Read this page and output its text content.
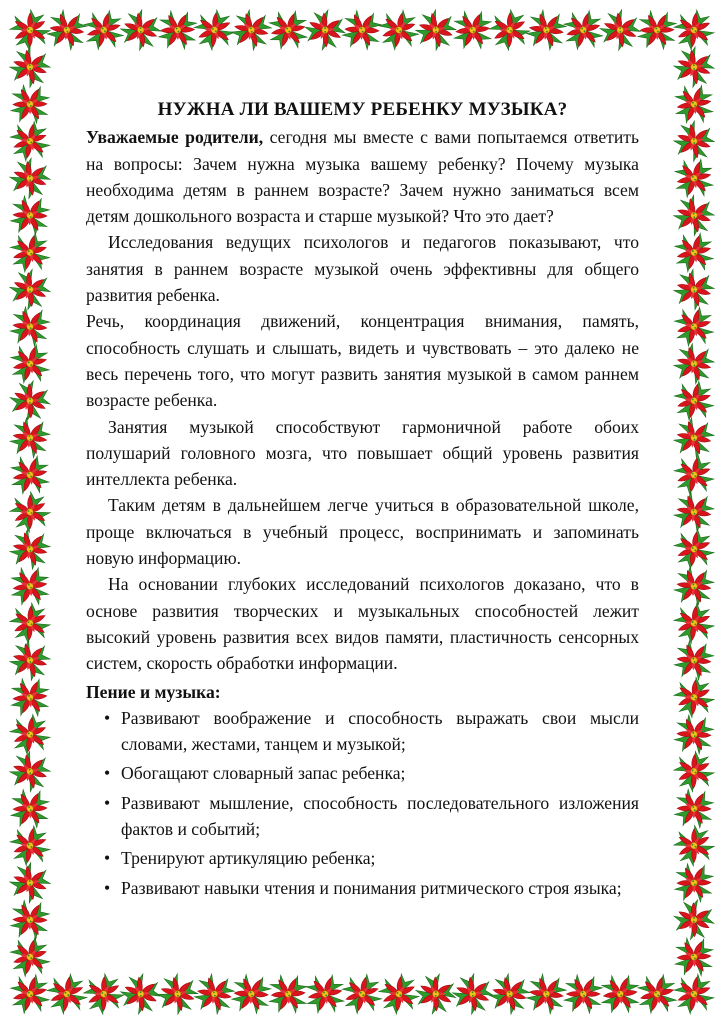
НУЖНА ЛИ ВАШЕМУ РЕБЕНКУ МУЗЫКА?

Уважаемые родители, сегодня мы вместе с вами попытаемся ответить на вопросы: Зачем нужна музыка вашему ребенку? Почему музыка необходима детям в раннем возрасте? Зачем нужно заниматься всем детям дошкольного возраста и старше музыкой? Что это дает?

Исследования ведущих психологов и педагогов показывают, что занятия в раннем возрасте музыкой очень эффективны для общего развития ребенка.

Речь, координация движений, концентрация внимания, память, способность слушать и слышать, видеть и чувствовать – это далеко не весь перечень того, что могут развить занятия музыкой в самом раннем возрасте ребенка.

Занятия музыкой способствуют гармоничной работе обоих полушарий головного мозга, что повышает общий уровень развития интеллекта ребенка.

Таким детям в дальнейшем легче учиться в образовательной школе, проще включаться в учебный процесс, воспринимать и запоминать новую информацию.

На основании глубоких исследований психологов доказано, что в основе развития творческих и музыкальных способностей лежит высокий уровень развития всех видов памяти, пластичность сенсорных систем, скорость обработки информации.

Пение и музыка:
• Развивают воображение и способность выражать свои мысли словами, жестами, танцем и музыкой;
• Обогащают словарный запас ребенка;
• Развивают мышление, способность последовательного изложения фактов и событий;
• Тренируют артикуляцию ребенка;
• Развивают навыки чтения и понимания ритмического строя языка;
